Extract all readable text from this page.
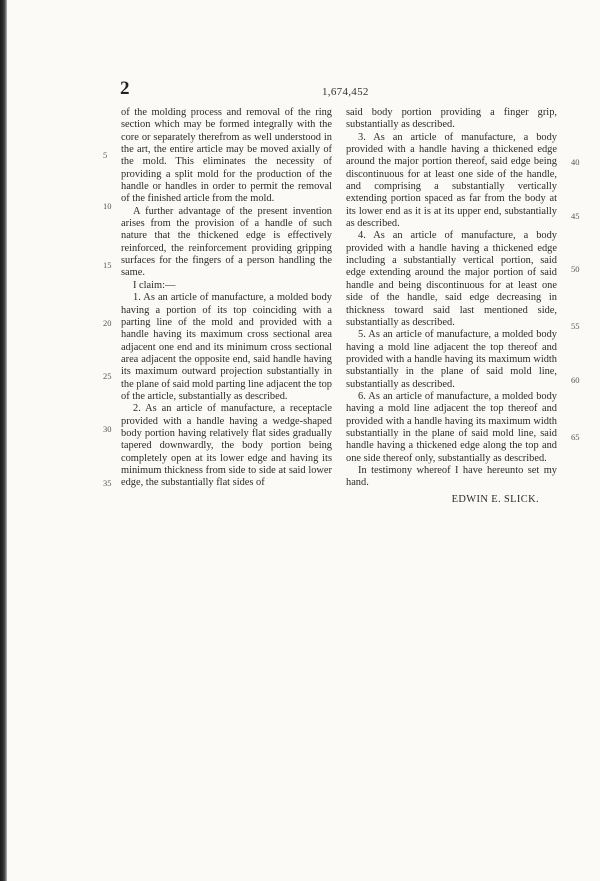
2	1,674,452

of the molding process and removal of the ring section which may be formed integrally with the core or separately therefrom as well understood in the art, the entire article may be moved axially of the mold. This eliminates the necessity of providing a split mold for the production of the handle or handles in order to permit the removal of the finished article from the mold.

A further advantage of the present invention arises from the provision of a handle of such nature that the thickened edge is effectively reinforced, the reinforcement providing gripping surfaces for the fingers of a person handling the same.

I claim:—

1. As an article of manufacture, a molded body having a portion of its top coinciding with a parting line of the mold and provided with a handle having its maximum cross sectional area adjacent one end and its minimum cross sectional area adjacent the opposite end, said handle having its maximum outward projection substantially in the plane of said mold parting line adjacent the top of the article, substantially as described.

2. As an article of manufacture, a receptacle provided with a handle having a wedge-shaped body portion having relatively flat sides gradually tapered downwardly, the body portion being completely open at its lower edge and having its minimum thickness from side to side at said lower edge, the substantially flat sides of

said body portion providing a finger grip, substantially as described.

3. As an article of manufacture, a body provided with a handle having a thickened edge around the major portion thereof, said edge being discontinuous for at least one side of the handle, and comprising a substantially vertically extending portion spaced as far from the body at its lower end as it is at its upper end, substantially as described.

4. As an article of manufacture, a body provided with a handle having a thickened edge including a substantially vertical portion, said edge extending around the major portion of said handle and being discontinuous for at least one side of the handle, said edge decreasing in thickness toward said last mentioned side, substantially as described.

5. As an article of manufacture, a molded body having a mold line adjacent the top thereof and provided with a handle having its maximum width substantially in the plane of said mold line, substantially as described.

6. As an article of manufacture, a molded body having a mold line adjacent the top thereof and provided with a handle having its maximum width substantially in the plane of said mold line, said handle having a thickened edge along the top and one side thereof only, substantially as described.

In testimony whereof I have hereunto set my hand.

EDWIN E. SLICK.
5
10
15
20
25
30
35
40
45
50
55
60
65
